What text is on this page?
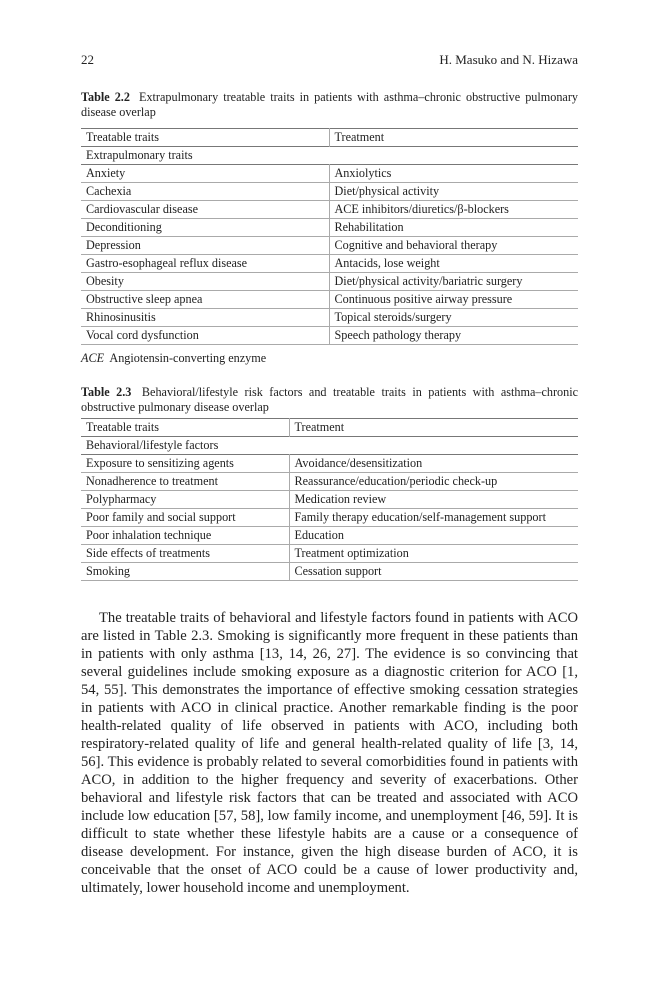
22	H. Masuko and N. Hizawa
Table 2.2 Extrapulmonary treatable traits in patients with asthma–chronic obstructive pulmonary disease overlap
Treatable traits	Treatment
Extrapulmonary traits	
Anxiety	Anxiolytics
Cachexia	Diet/physical activity
Cardiovascular disease	ACE inhibitors/diuretics/β-blockers
Deconditioning	Rehabilitation
Depression	Cognitive and behavioral therapy
Gastro-esophageal reflux disease	Antacids, lose weight
Obesity	Diet/physical activity/bariatric surgery
Obstructive sleep apnea	Continuous positive airway pressure
Rhinosinusitis	Topical steroids/surgery
Vocal cord dysfunction	Speech pathology therapy
ACE Angiotensin-converting enzyme
Table 2.3 Behavioral/lifestyle risk factors and treatable traits in patients with asthma–chronic obstructive pulmonary disease overlap
Treatable traits	Treatment
Behavioral/lifestyle factors	
Exposure to sensitizing agents	Avoidance/desensitization
Nonadherence to treatment	Reassurance/education/periodic check-up
Polypharmacy	Medication review
Poor family and social support	Family therapy education/self-management support
Poor inhalation technique	Education
Side effects of treatments	Treatment optimization
Smoking	Cessation support

The treatable traits of behavioral and lifestyle factors found in patients with ACO are listed in Table 2.3. Smoking is significantly more frequent in these patients than in patients with only asthma [13, 14, 26, 27]. The evidence is so convincing that several guidelines include smoking exposure as a diagnostic criterion for ACO [1, 54, 55]. This demonstrates the importance of effective smoking cessation strategies in patients with ACO in clinical practice. Another remarkable finding is the poor health-related quality of life observed in patients with ACO, including both respiratory-related quality of life and general health-related quality of life [3, 14, 56]. This evidence is probably related to several comorbidities found in patients with ACO, in addition to the higher frequency and severity of exacerbations. Other behavioral and lifestyle risk factors that can be treated and associated with ACO include low education [57, 58], low family income, and unemployment [46, 59]. It is difficult to state whether these lifestyle habits are a cause or a consequence of disease development. For instance, given the high disease burden of ACO, it is conceivable that the onset of ACO could be a cause of lower productivity and, ultimately, lower household income and unemployment.
